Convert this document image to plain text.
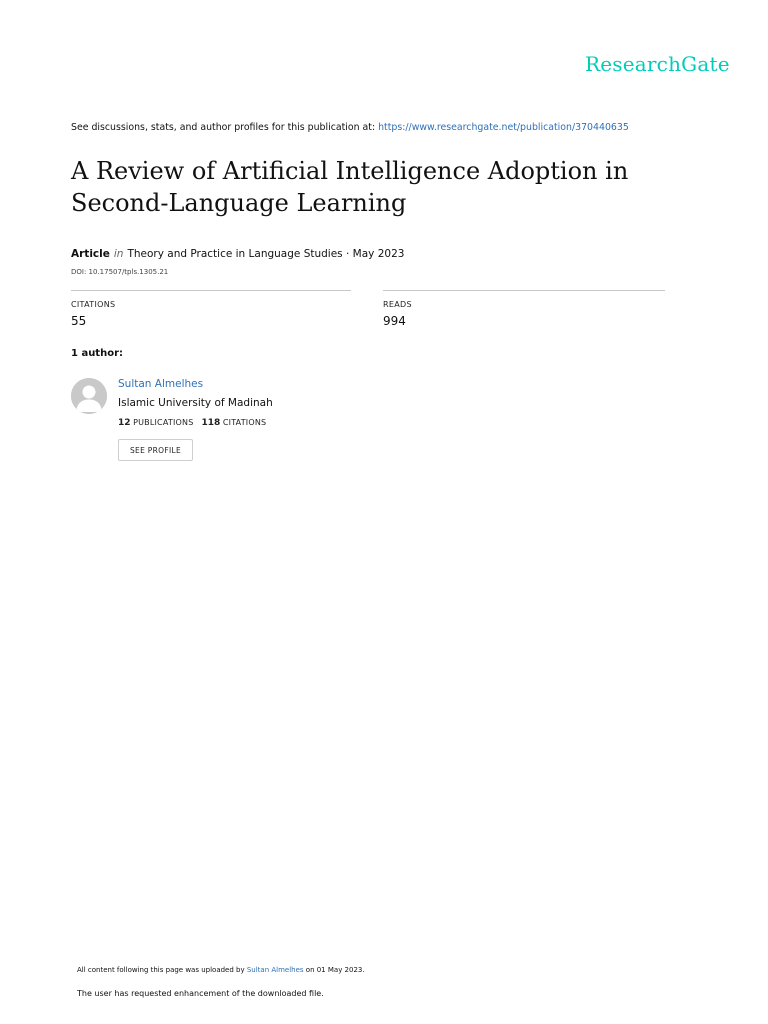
ResearchGate
See discussions, stats, and author profiles for this publication at: https://www.researchgate.net/publication/370440635
A Review of Artificial Intelligence Adoption in
Second-Language Learning
Article in Theory and Practice in Language Studies · May 2023
DOI: 10.17507/tpls.1305.21
CITATIONS
55
READS
994
1 author:
Sultan Almelhes
Islamic University of Madinah
12 PUBLICATIONS 118 CITATIONS
SEE PROFILE
All content following this page was uploaded by Sultan Almelhes on 01 May 2023.
The user has requested enhancement of the downloaded file.
